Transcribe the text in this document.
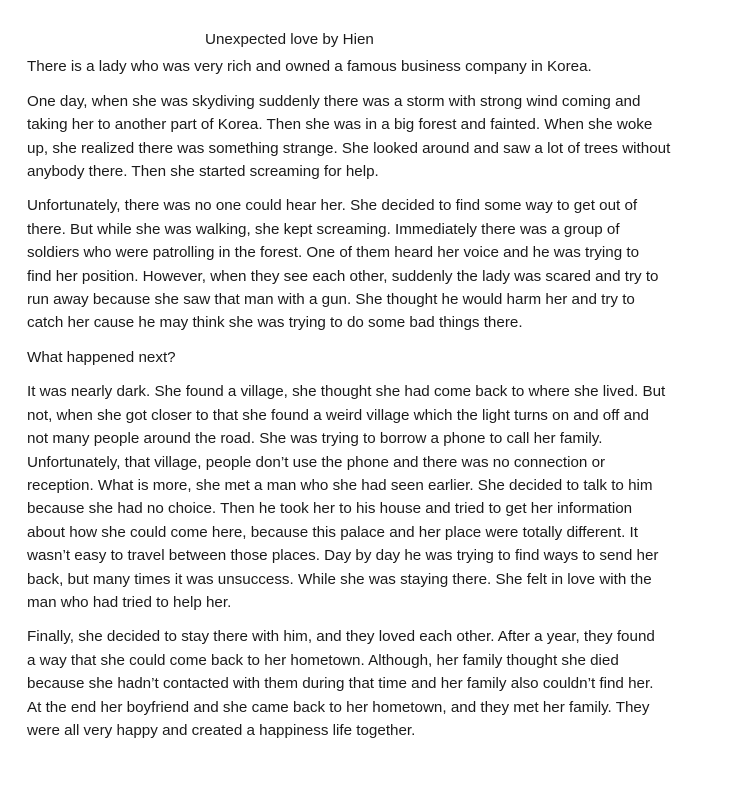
Unexpected love by Hien

There is a lady who was very rich and owned a famous business company in Korea.

One day, when she was skydiving suddenly there was a storm with strong wind coming and
taking her to another part of Korea. Then she was in a big forest and fainted. When she woke
up, she realized there was something strange. She looked around and saw a lot of trees without
anybody there. Then she started screaming for help.

Unfortunately, there was no one could hear her. She decided to find some way to get out of
there. But while she was walking, she kept screaming. Immediately there was a group of
soldiers who were patrolling in the forest. One of them heard her voice and he was trying to
find her position. However, when they see each other, suddenly the lady was scared and try to
run away because she saw that man with a gun. She thought he would harm her and try to
catch her cause he may think she was trying to do some bad things there.

What happened next?

It was nearly dark. She found a village, she thought she had come back to where she lived. But
not, when she got closer to that she found a weird village which the light turns on and off and
not many people around the road. She was trying to borrow a phone to call her family.
Unfortunately, that village, people don’t use the phone and there was no connection or
reception. What is more, she met a man who she had seen earlier. She decided to talk to him
because she had no choice. Then he took her to his house and tried to get her information
about how she could come here, because this palace and her place were totally different. It
wasn’t easy to travel between those places. Day by day he was trying to find ways to send her
back, but many times it was unsuccess. While she was staying there. She felt in love with the
man who had tried to help her.

Finally, she decided to stay there with him, and they loved each other. After a year, they found
a way that she could come back to her hometown. Although, her family thought she died
because she hadn’t contacted with them during that time and her family also couldn’t find her.
At the end her boyfriend and she came back to her hometown, and they met her family. They
were all very happy and created a happiness life together.
